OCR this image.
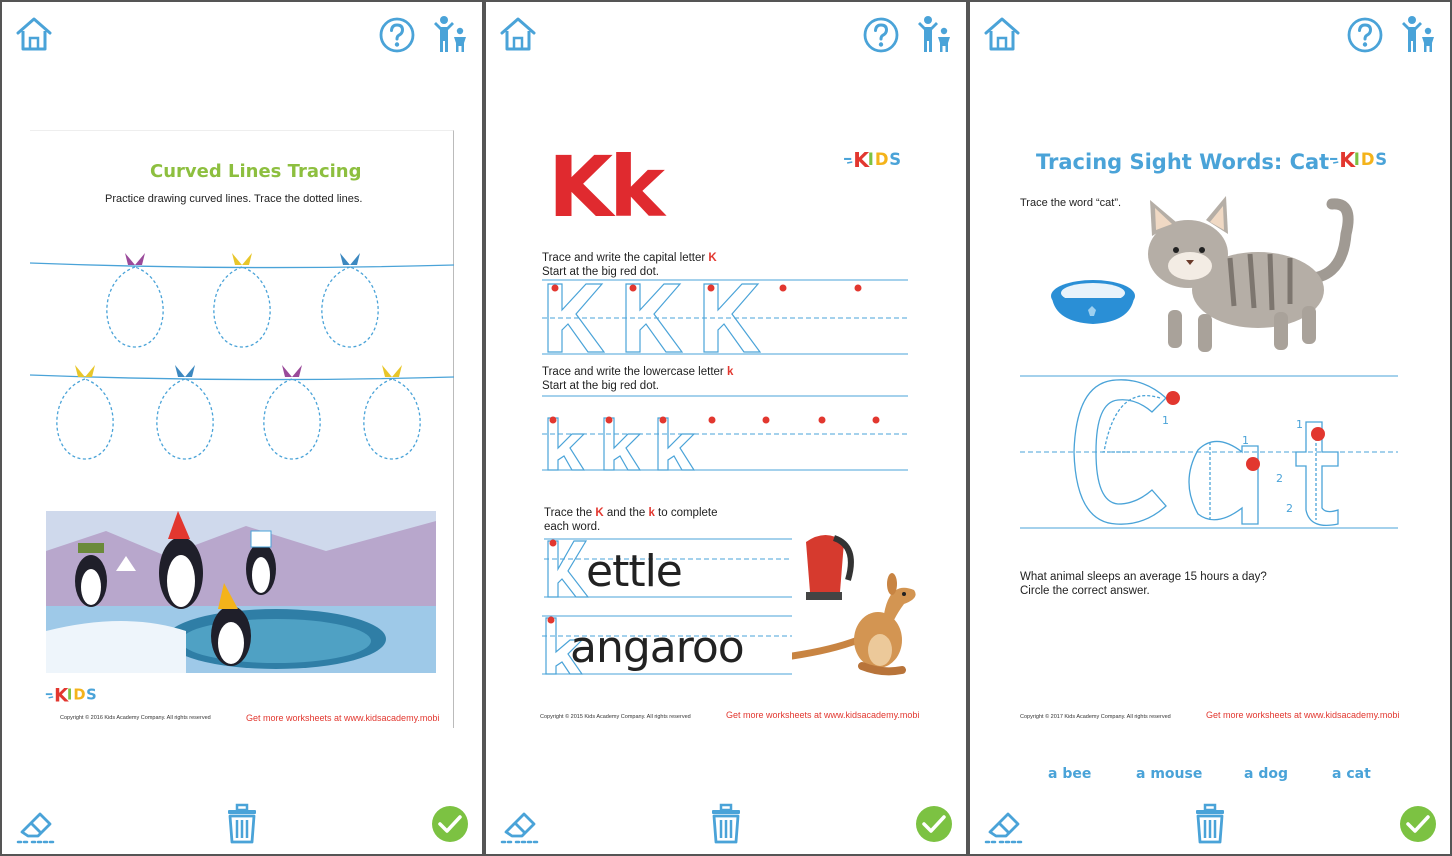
Curved Lines Tracing
Practice drawing curved lines. Trace the dotted lines.
Copyright © 2016 Kids Academy Company. All rights reserved	Get more worksheets at www.kidsacademy.mobi
Kk
Trace and write the capital letter K
Start at the big red dot.
Trace and write the lowercase letter k
Start at the big red dot.
Trace the K and the k to complete
each word.
ettle
angaroo
Copyright © 2015 Kids Academy Company. All rights reserved	Get more worksheets at www.kidsacademy.mobi
Tracing Sight Words: Cat
Trace the word “cat”.
1
1
2
1
2
What animal sleeps an average 15 hours a day?
Circle the correct answer.
a bee	a mouse	a dog	a cat
Copyright © 2017 Kids Academy Company. All rights reserved	Get more worksheets at www.kidsacademy.mobi
